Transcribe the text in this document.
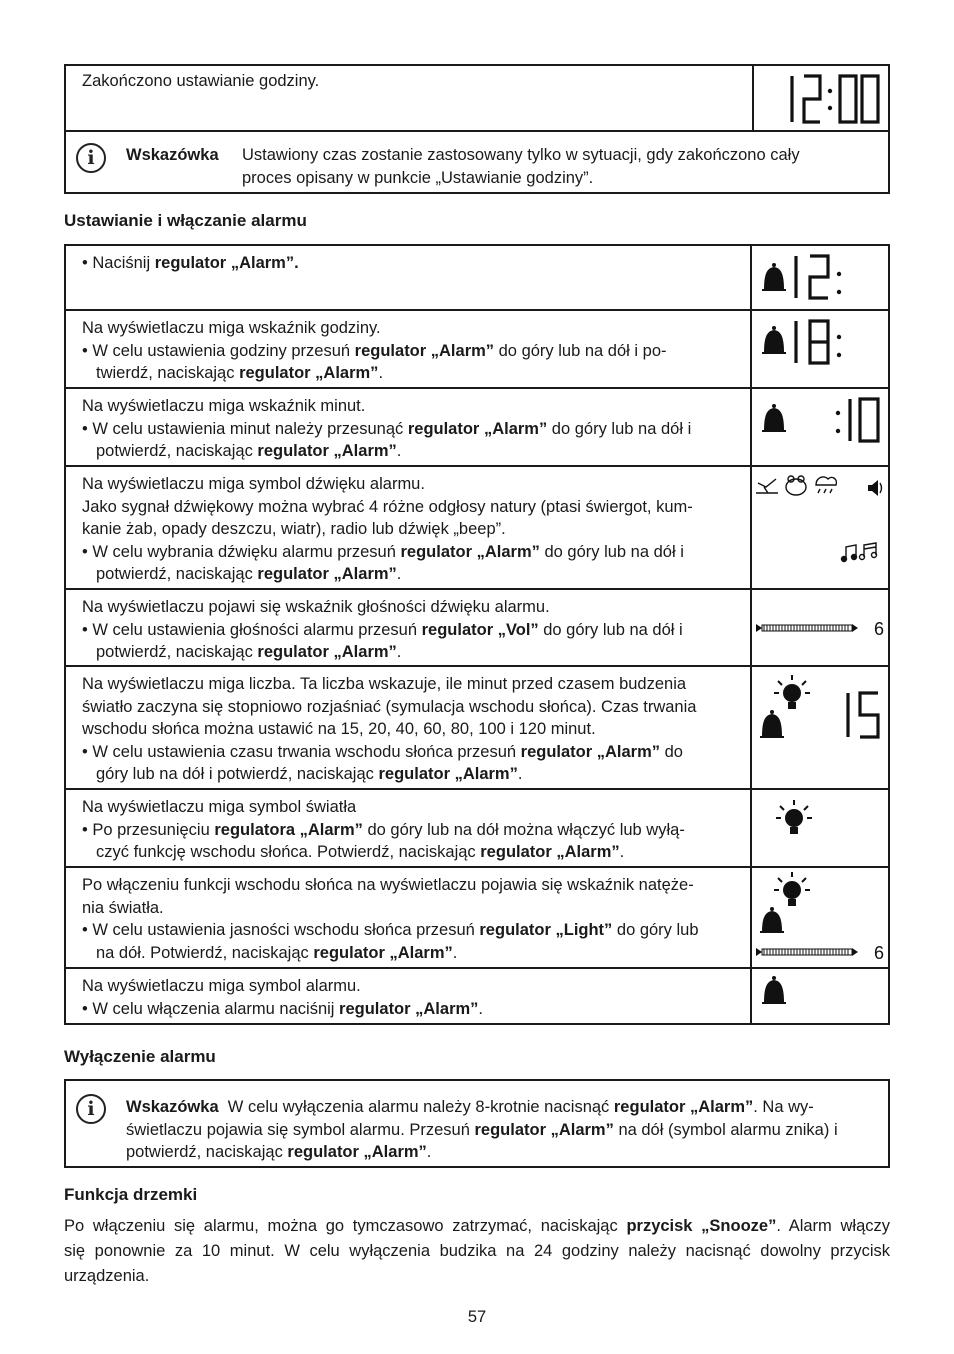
Zakończono ustawianie godziny.
12:00
i	Wskazówka Ustawiony czas zostanie zastosowany tylko w sytuacji, gdy zakończono cały
proces opisany w punkcie „Ustawianie godziny”.
Ustawianie i włączanie alarmu
• Naciśnij regulator „Alarm”.	12:

Na wyświetlaczu miga wskaźnik godziny.
• W celu ustawienia godziny przesuń regulator „Alarm” do góry lub na dół i po-
twierdź, naciskając regulator „Alarm”.	18:

Na wyświetlaczu miga wskaźnik minut.
• W celu ustawienia minut należy przesunąć regulator „Alarm” do góry lub na dół i
potwierdź, naciskając regulator „Alarm”.	:10

Na wyświetlaczu miga symbol dźwięku alarmu.
Jako sygnał dźwiękowy można wybrać 4 różne odgłosy natury (ptasi świergot, kum-
kanie żab, opady deszczu, wiatr), radio lub dźwięk „beep”.
• W celu wybrania dźwięku alarmu przesuń regulator „Alarm” do góry lub na dół i
potwierdź, naciskając regulator „Alarm”.

Na wyświetlaczu pojawi się wskaźnik głośności dźwięku alarmu.
• W celu ustawienia głośności alarmu przesuń regulator „Vol” do góry lub na dół i
potwierdź, naciskając regulator „Alarm”.	6

Na wyświetlaczu miga liczba. Ta liczba wskazuje, ile minut przed czasem budzenia
światło zaczyna się stopniowo rozjaśniać (symulacja wschodu słońca). Czas trwania
wschodu słońca można ustawić na 15, 20, 40, 60, 80, 100 i 120 minut.
• W celu ustawienia czasu trwania wschodu słońca przesuń regulator „Alarm” do
góry lub na dół i potwierdź, naciskając regulator „Alarm”.	15

Na wyświetlaczu miga symbol światła
• Po przesunięciu regulatora „Alarm” do góry lub na dół można włączyć lub wyłą-
czyć funkcję wschodu słońca. Potwierdź, naciskając regulator „Alarm”.

Po włączeniu funkcji wschodu słońca na wyświetlaczu pojawia się wskaźnik natęże-
nia światła.
• W celu ustawienia jasności wschodu słońca przesuń regulator „Light” do góry lub
na dół. Potwierdź, naciskając regulator „Alarm”.	6

Na wyświetlaczu miga symbol alarmu.
• W celu włączenia alarmu naciśnij regulator „Alarm”.

Wyłączenie alarmu
i	Wskazówka W celu wyłączenia alarmu należy 8-krotnie nacisnąć regulator „Alarm”. Na wy-
świetlaczu pojawia się symbol alarmu. Przesuń regulator „Alarm” na dół (symbol alarmu znika) i
potwierdź, naciskając regulator „Alarm”.
Funkcja drzemki
Po włączeniu się alarmu, można go tymczasowo zatrzymać, naciskając przycisk „Snooze”. Alarm włączy
się ponownie za 10 minut. W celu wyłączenia budzika na 24 godziny należy nacisnąć dowolny przycisk
urządzenia.
57
